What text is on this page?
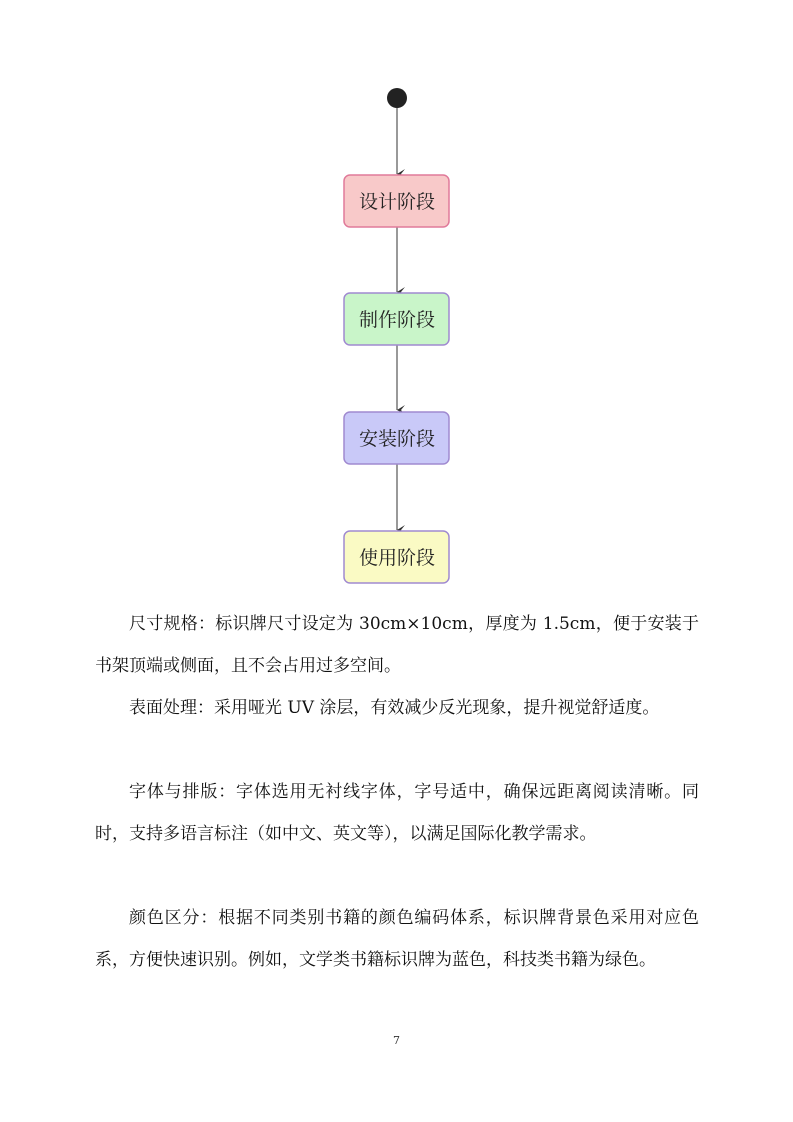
设计阶段
制作阶段
安装阶段
使用阶段

尺寸规格：标识牌尺寸设定为 30cm×10cm，厚度为 1.5cm，便于安装于书架顶端或侧面，且不会占用过多空间。

表面处理：采用哑光 UV 涂层，有效减少反光现象，提升视觉舒适度。

字体与排版：字体选用无衬线字体，字号适中，确保远距离阅读清晰。同时，支持多语言标注（如中文、英文等），以满足国际化教学需求。

颜色区分：根据不同类别书籍的颜色编码体系，标识牌背景色采用对应色系，方便快速识别。例如，文学类书籍标识牌为蓝色，科技类书籍为绿色。

7
